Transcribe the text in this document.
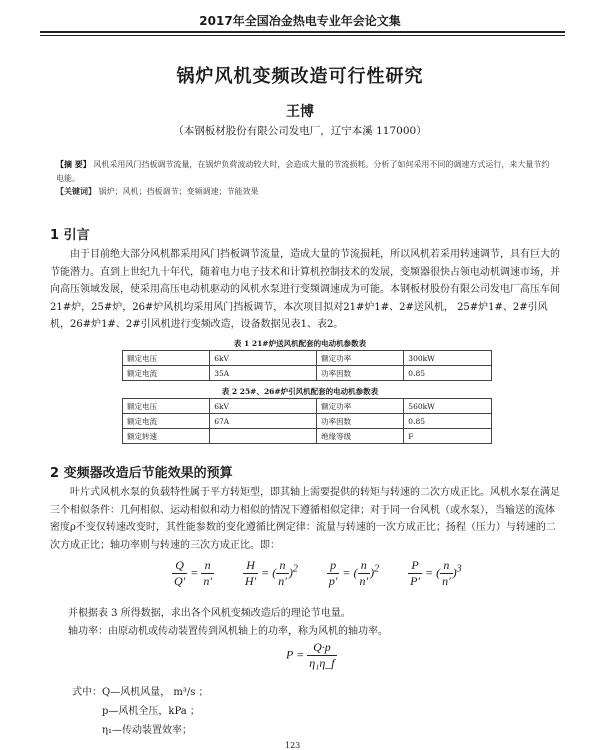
2017年全国冶金热电专业年会论文集
锅炉风机变频改造可行性研究
王博
（本钢板材股份有限公司发电厂，辽宁本溪 117000）
【摘 要】 风机采用风门挡板调节流量，在锅炉负荷波动较大时，会造成大量的节流损耗。分析了如何采用不同的调速方式运行，来大量节约电能。
【关键词】 锅炉；风机；挡板调节；变频调速；节能效果
1 引言

由于目前绝大部分风机都采用风门挡板调节流量，造成大量的节流损耗，所以风机若采用转速调节，具有巨大的节能潜力。直到上世纪九十年代，随着电力电子技术和计算机控制技术的发展，变频器很快占领电动机调速市场，并向高压领域发展，使采用高压电动机驱动的风机水泵进行变频调速成为可能。本钢板材股份有限公司发电厂高压车间21#炉，25#炉，26#炉风机均采用风门挡板调节，本次项目拟对21#炉1#、2#送风机， 25#炉1#、2#引风机，26#炉1#、2#引风机进行变频改造，设备数据见表1、表2。

表 1 21#炉送风机配套的电动机参数表
额定电压	6kV	额定功率	300kW
额定电流	35A	功率因数	0.85
表 2 25#、26#炉引风机配套的电动机参数表
额定电压	6kV	额定功率	560kW
额定电流	67A	功率因数	0.85
额定转速		绝缘等级	F
2 变频器改造后节能效果的预算

叶片式风机水泵的负载特性属于平方转矩型，即其轴上需要提供的转矩与转速的二次方成正比。风机水泵在满足三个相似条件：几何相似、运动相似和动力相似的情况下遵循相似定律；对于同一台风机（或水泵），当输送的流体密度ρ不变仅转速改变时，其性能参数的变化遵循比例定律：流量与转速的一次方成正比；扬程（压力）与转速的二次方成正比；轴功率则与转速的三次方成正比。即：

$\frac{Q}{Q'} = \frac{n}{n'}$
$\frac{H}{H'}$ = ( $\frac{n}{n'} )^2 \frac{p}{p'}$ = ( $\frac{n}{n'} )^2 \frac{P}{P'}$ = ( $\frac{n}{n'} )^3$
并根据表 3 所得数据，求出各个风机变频改造后的理论节电量。
轴功率：由原动机或传动装置传到风机轴上的功率，称为风机的轴功率。
$P = \frac{Q\cdot p}{\text{η₁η\_f}}$
式中：Q—风机风量， m³/s ；
p—风机全压，kPa ；
η₁—传动装置效率；
123
